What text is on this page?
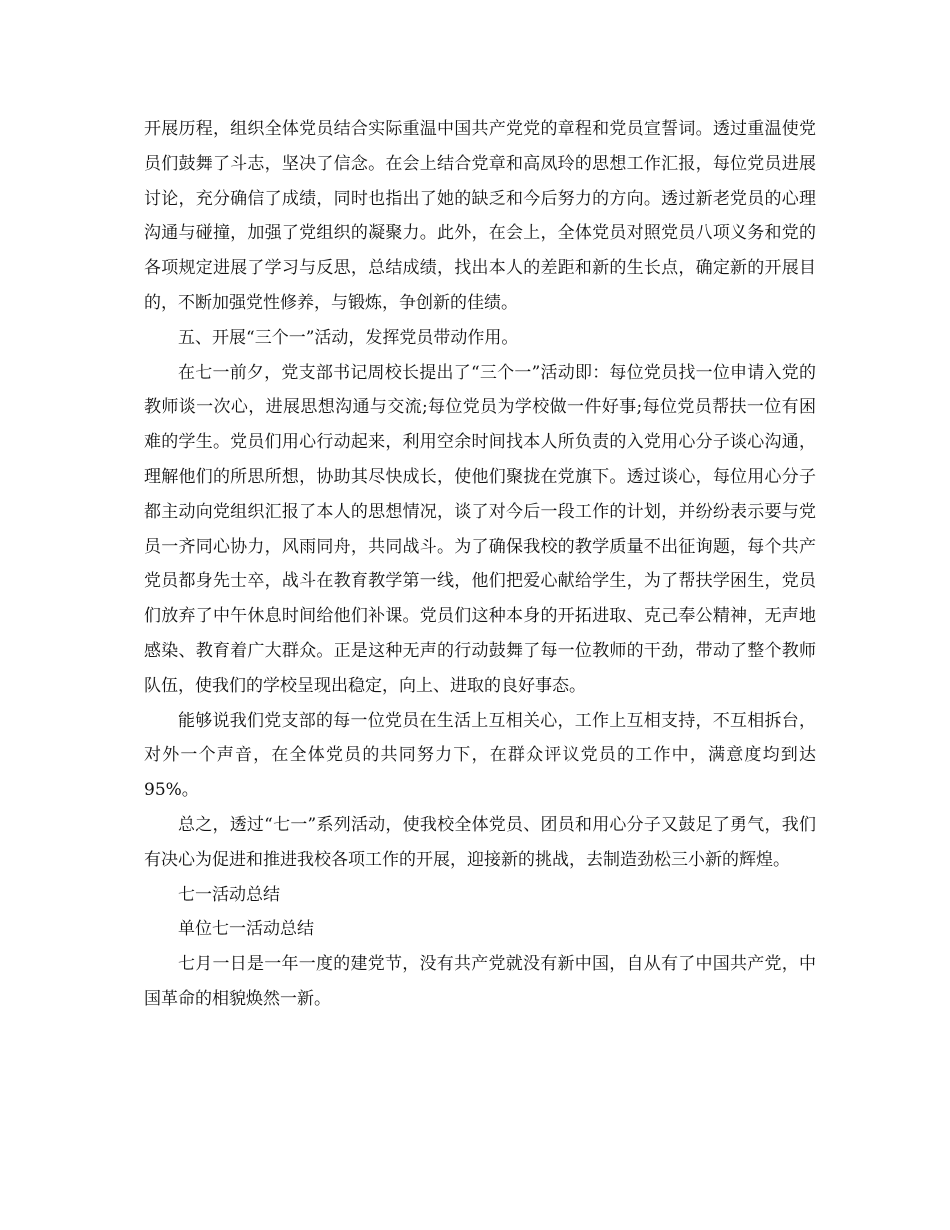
开展历程，组织全体党员结合实际重温中国共产党党的章程和党员宣誓词。透过重温使党员们鼓舞了斗志，坚决了信念。在会上结合党章和高凤玲的思想工作汇报，每位党员进展讨论，充分确信了成绩，同时也指出了她的缺乏和今后努力的方向。透过新老党员的心理沟通与碰撞，加强了党组织的凝聚力。此外，在会上，全体党员对照党员八项义务和党的各项规定进展了学习与反思，总结成绩，找出本人的差距和新的生长点，确定新的开展目的，不断加强党性修养，与锻炼，争创新的佳绩。

五、开展“三个一”活动，发挥党员带动作用。

在七一前夕，党支部书记周校长提出了“三个一”活动即：每位党员找一位申请入党的教师谈一次心，进展思想沟通与交流;每位党员为学校做一件好事;每位党员帮扶一位有困难的学生。党员们用心行动起来，利用空余时间找本人所负责的入党用心分子谈心沟通，理解他们的所思所想，协助其尽快成长，使他们聚拢在党旗下。透过谈心，每位用心分子都主动向党组织汇报了本人的思想情况，谈了对今后一段工作的计划，并纷纷表示要与党员一齐同心协力，风雨同舟，共同战斗。为了确保我校的教学质量不出征询题，每个共产党员都身先士卒，战斗在教育教学第一线，他们把爱心献给学生，为了帮扶学困生，党员们放弃了中午休息时间给他们补课。党员们这种本身的开拓进取、克己奉公精神，无声地感染、教育着广大群众。正是这种无声的行动鼓舞了每一位教师的干劲，带动了整个教师队伍，使我们的学校呈现出稳定，向上、进取的良好事态。

能够说我们党支部的每一位党员在生活上互相关心，工作上互相支持，不互相拆台，对外一个声音，在全体党员的共同努力下，在群众评议党员的工作中，满意度均到达95%。

总之，透过“七一”系列活动，使我校全体党员、团员和用心分子又鼓足了勇气，我们有决心为促进和推进我校各项工作的开展，迎接新的挑战，去制造劲松三小新的辉煌。

七一活动总结

单位七一活动总结

七月一日是一年一度的建党节，没有共产党就没有新中国，自从有了中国共产党，中国革命的相貌焕然一新。
